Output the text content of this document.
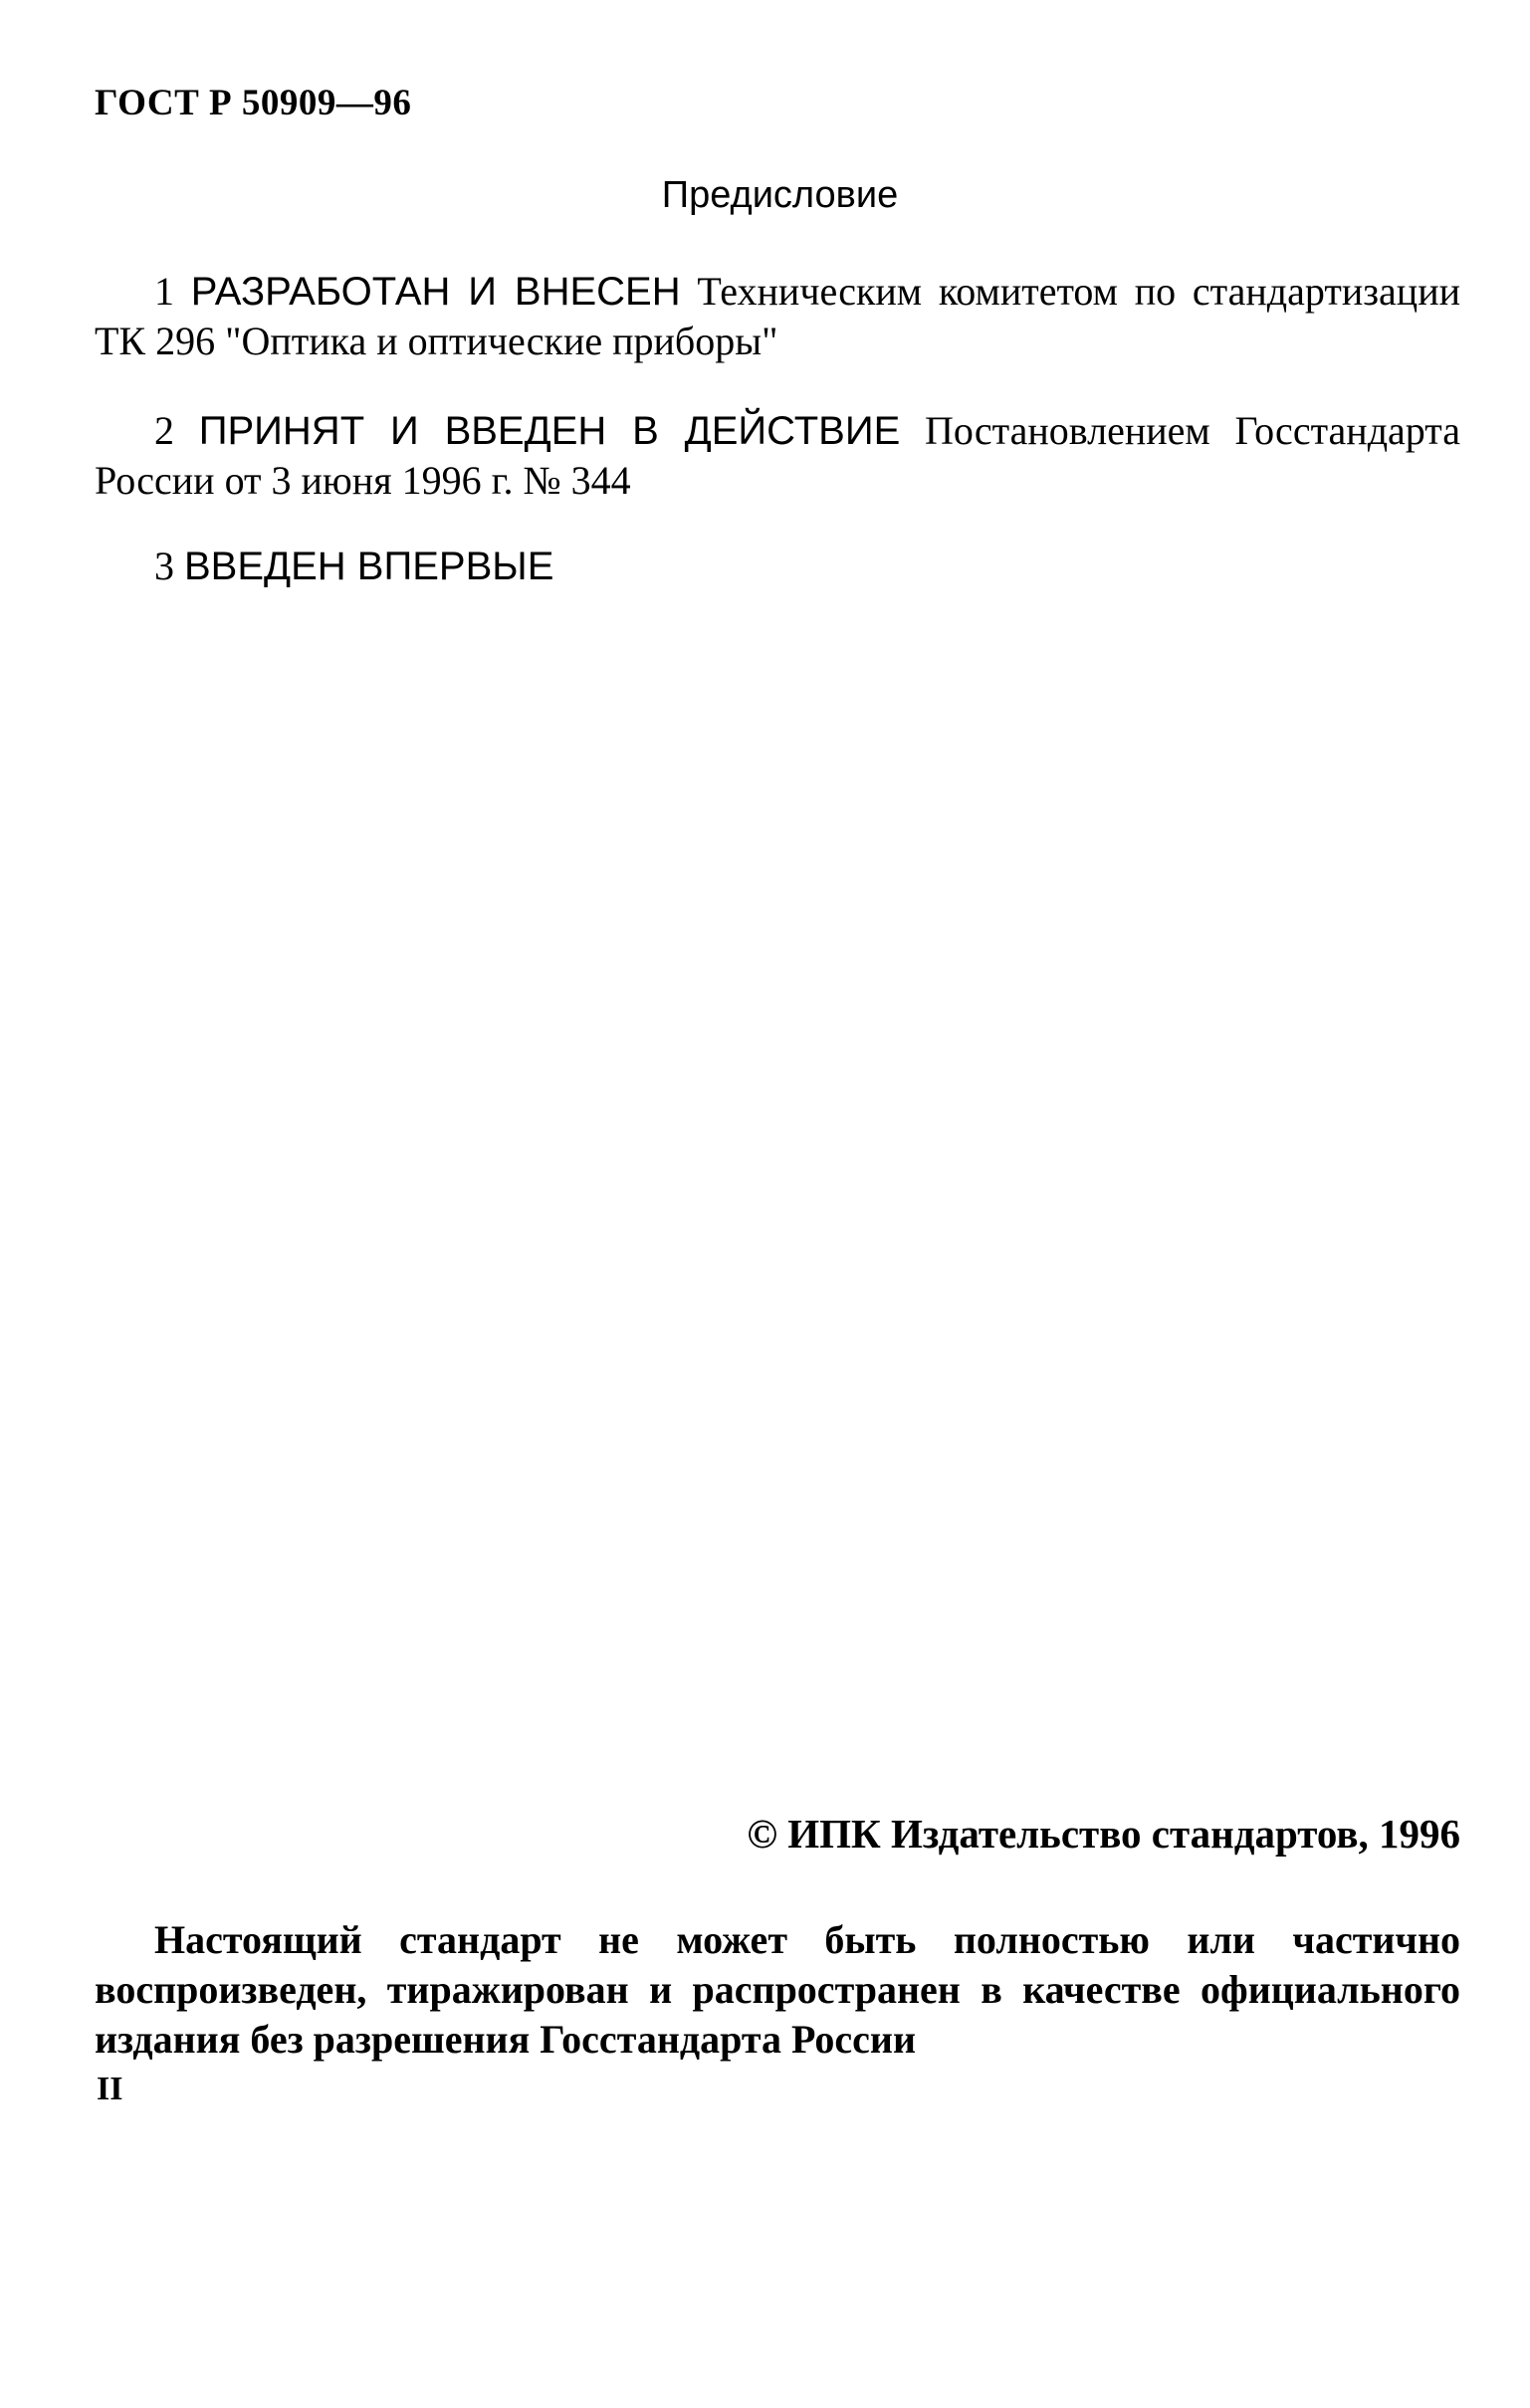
ГОСТ Р 50909—96
Предисловие
1 РАЗРАБОТАН И ВНЕСЕН Техническим комитетом по стандартизации ТК 296 "Оптика и оптические приборы"
2 ПРИНЯТ И ВВЕДЕН В ДЕЙСТВИЕ Постановлением Госстандарта России от 3 июня 1996 г. № 344
3 ВВЕДЕН ВПЕРВЫЕ
© ИПК Издательство стандартов, 1996
Настоящий стандарт не может быть полностью или частично воспроизведен, тиражирован и распространен в качестве официального издания без разрешения Госстандарта России
II
